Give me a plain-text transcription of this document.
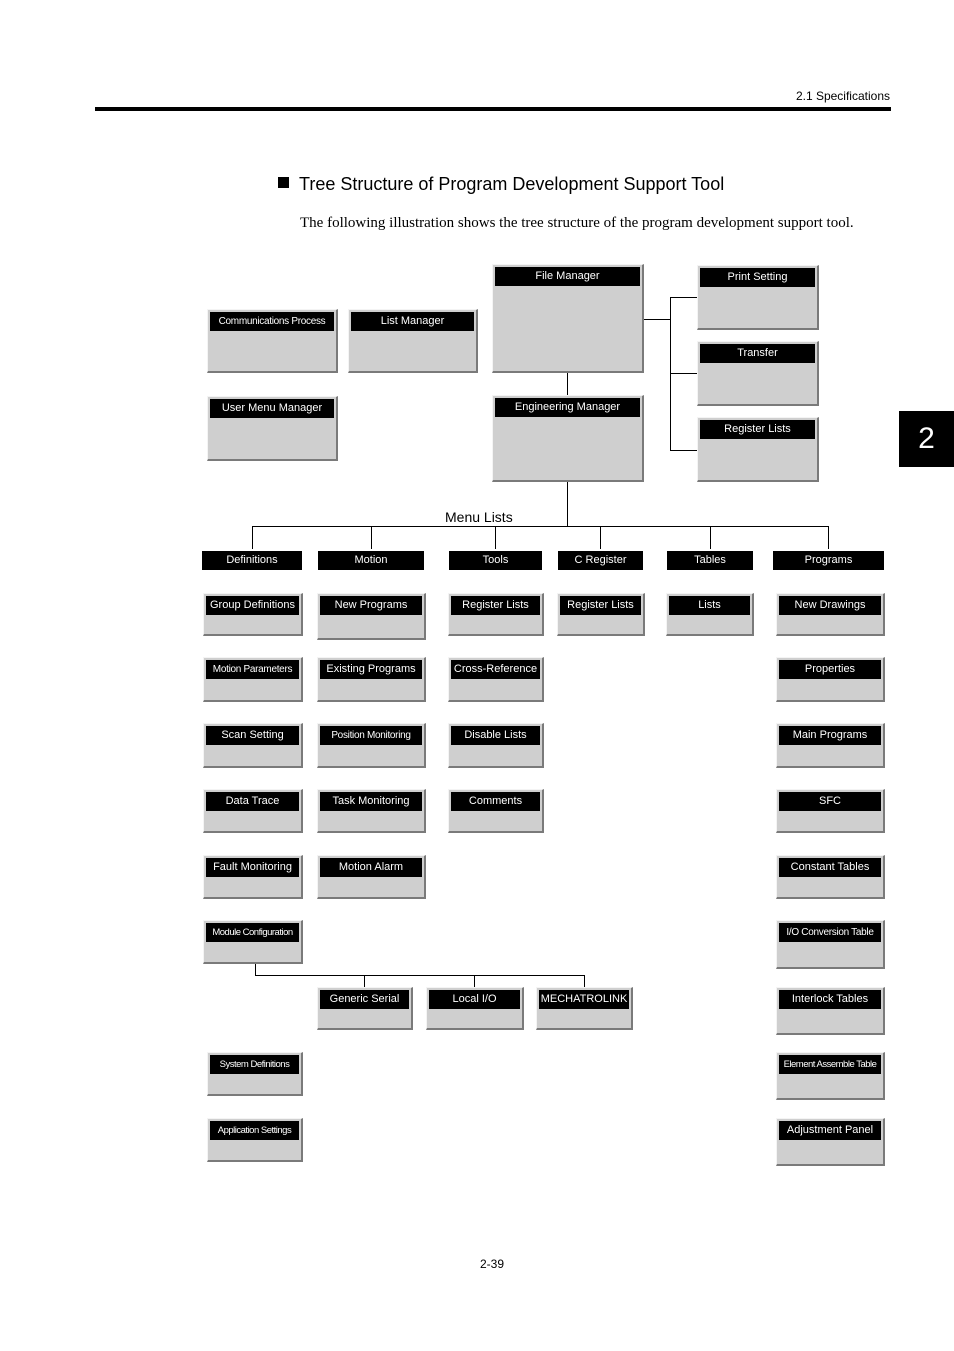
2.1 Specifications
2
Tree Structure of Program Development Support Tool
The following illustration shows the tree structure of the program development support tool.
Communications Process	List Manager
File Manager	Print Setting
Transfer
Register Lists
User Menu Manager	Engineering Manager
Menu Lists
Definitions	Motion	Tools	C Register	Tables	Programs
Group Definitions
Motion Parameters
Scan Setting
Data Trace
Fault Monitoring
Module Configuration
System Definitions
Application Settings
New Programs
Existing Programs
Position Monitoring
Task Monitoring
Motion Alarm
Register Lists
Cross-Reference
Disable Lists
Comments
Register Lists	Lists	New Drawings
Properties
Main Programs
SFC
Constant Tables
I/O Conversion Table
Interlock Tables
Element Assemble Table
Adjustment Panel
Generic Serial	Local I/O	MECHATROLINK
2-39
